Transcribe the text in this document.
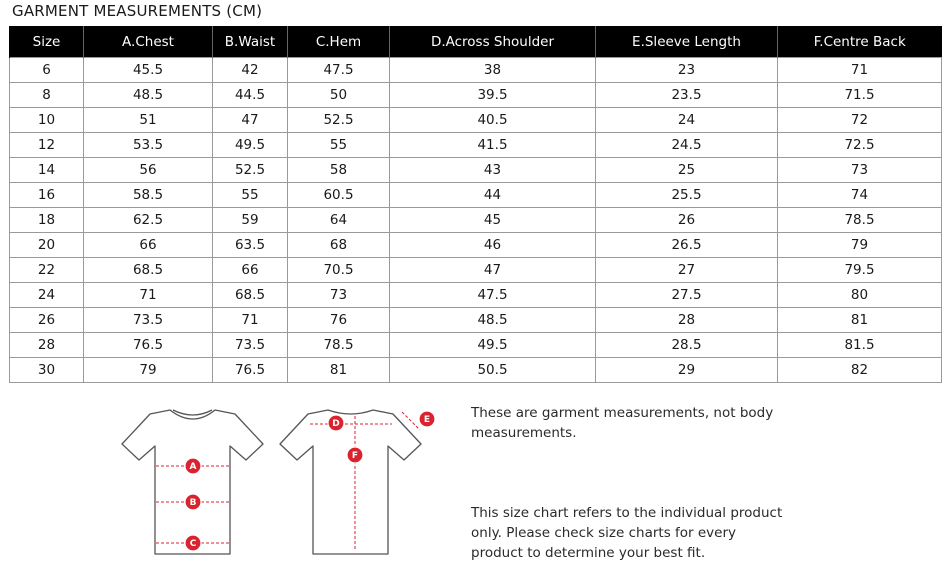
GARMENT MEASUREMENTS (CM)
Size	A.Chest	B.Waist	C.Hem	D.Across Shoulder	E.Sleeve Length	F.Centre Back
6	45.5	42	47.5	38	23	71
8	48.5	44.5	50	39.5	23.5	71.5
10	51	47	52.5	40.5	24	72
12	53.5	49.5	55	41.5	24.5	72.5
14	56	52.5	58	43	25	73
16	58.5	55	60.5	44	25.5	74
18	62.5	59	64	45	26	78.5
20	66	63.5	68	46	26.5	79
22	68.5	66	70.5	47	27	79.5
24	71	68.5	73	47.5	27.5	80
26	73.5	71	76	48.5	28	81
28	76.5	73.5	78.5	49.5	28.5	81.5
30	79	76.5	81	50.5	29	82
A
B
C
D	E
F
These are garment measurements, not body
measurements.
This size chart refers to the individual product
only. Please check size charts for every
product to determine your best fit.
